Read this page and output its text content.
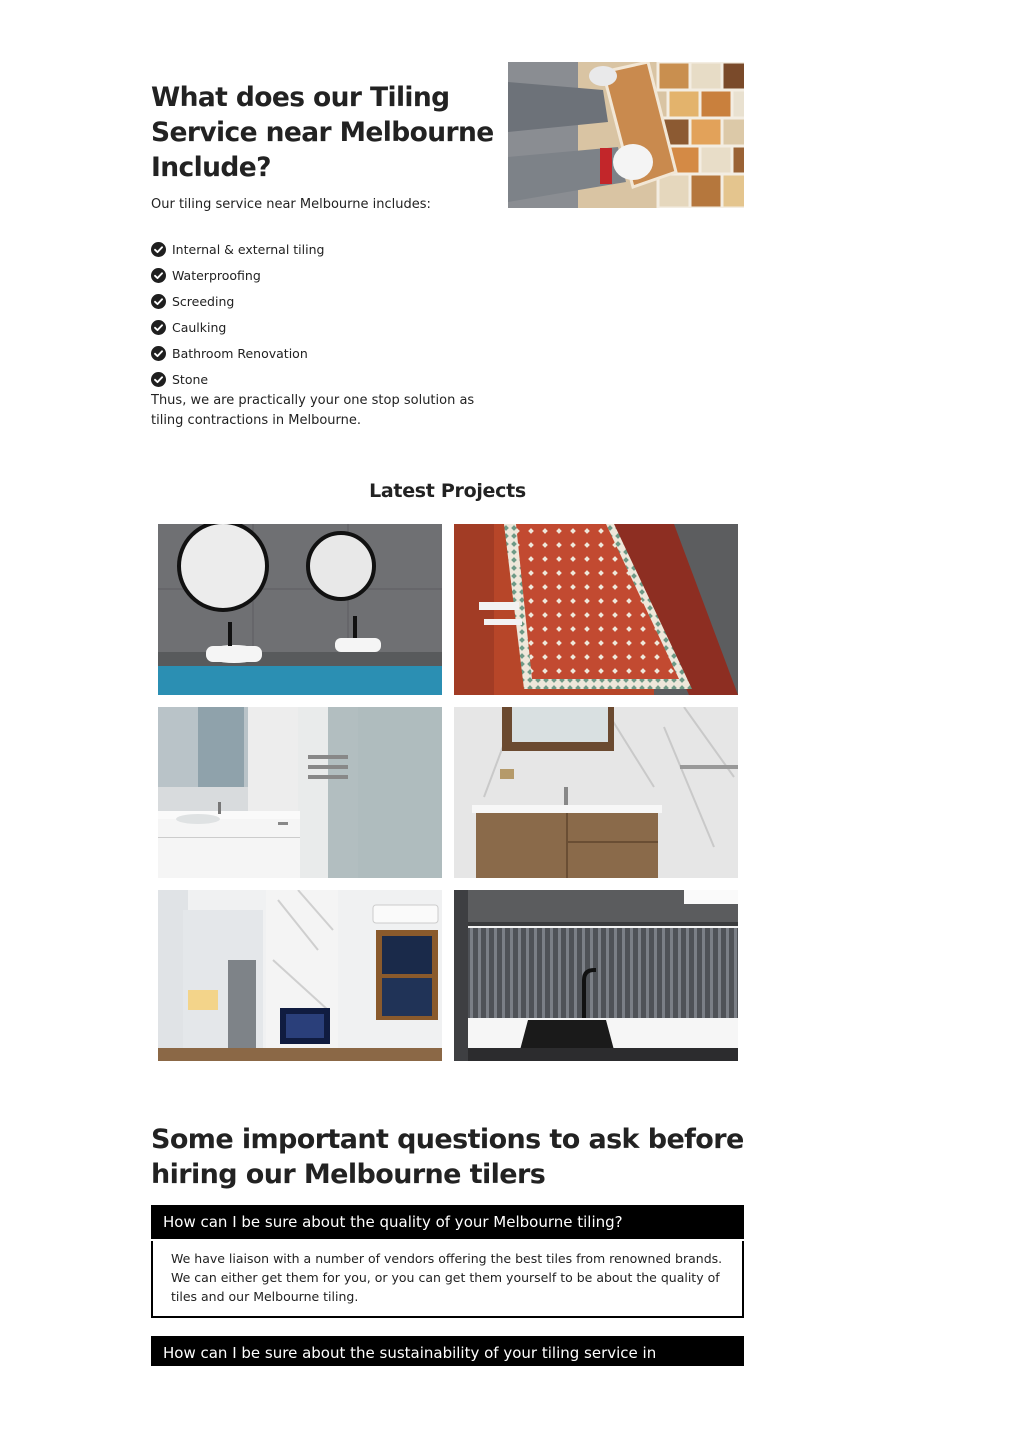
What does our Tiling Service near Melbourne Include?

Our tiling service near Melbourne includes:

Internal & external tiling
Waterproofing
Screeding
Caulking
Bathroom Renovation
Stone

Thus, we are practically your one stop solution as tiling contractions in Melbourne.

Latest Projects
Some important questions to ask before hiring our Melbourne tilers
How can I be sure about the quality of your Melbourne tiling?
We have liaison with a number of vendors offering the best tiles from renowned brands. We can either get them for you, or you can get them yourself to be about the quality of tiles and our Melbourne tiling.
How can I be sure about the sustainability of your tiling service in
